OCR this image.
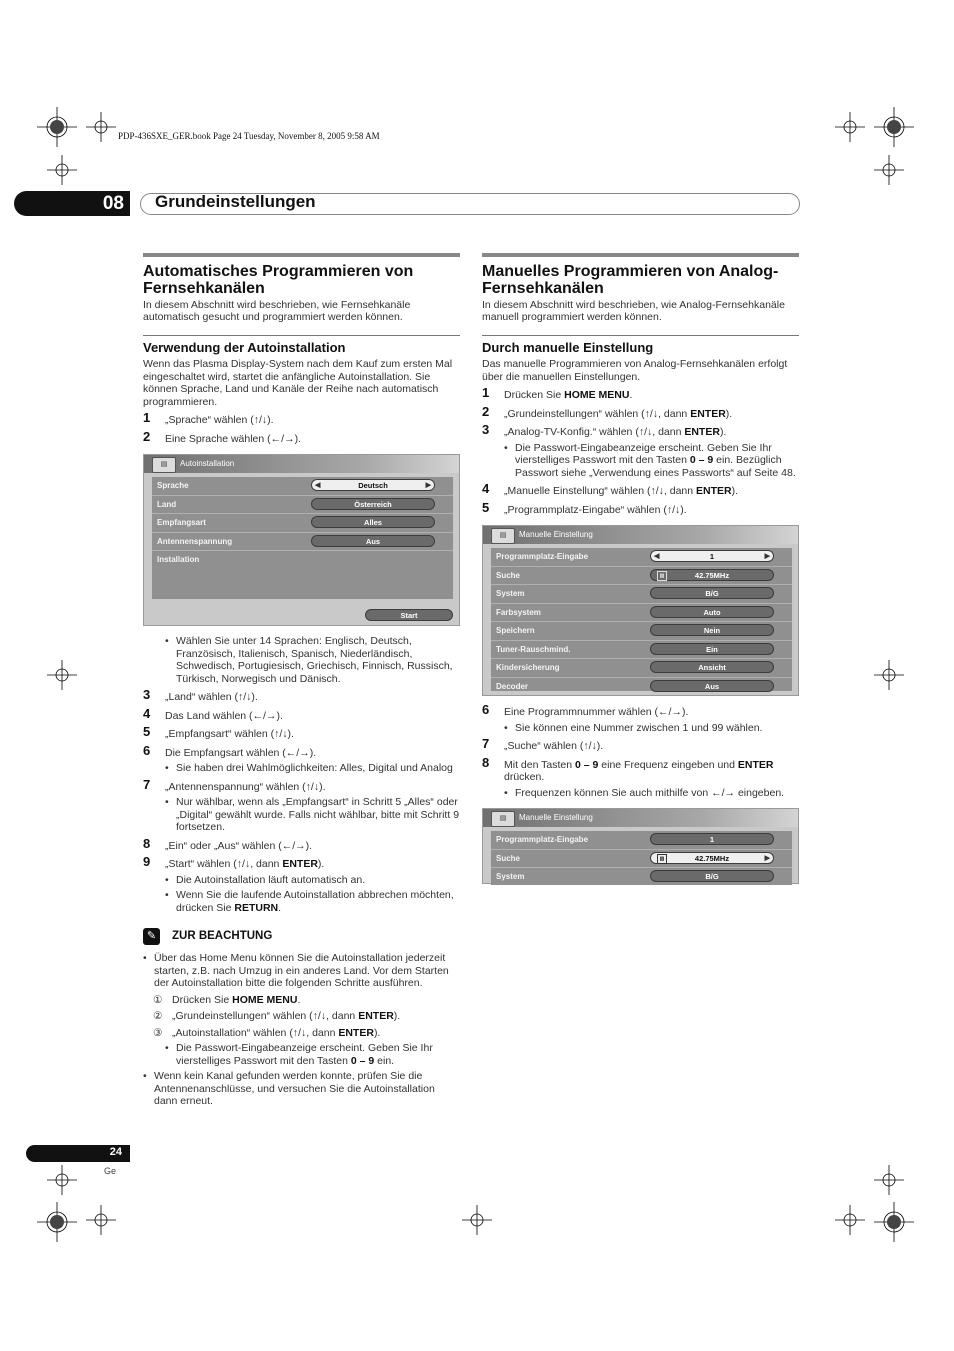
PDP-436SXE_GER.book Page 24 Tuesday, November 8, 2005 9:58 AM
08	Grundeinstellungen
Automatisches Programmieren von Fernsehkanälen
In diesem Abschnitt wird beschrieben, wie Fernsehkanäle automatisch gesucht und programmiert werden können.
Verwendung der Autoinstallation
Wenn das Plasma Display-System nach dem Kauf zum ersten Mal eingeschaltet wird, startet die anfängliche Autoinstallation. Sie können Sprache, Land und Kanäle der Reihe nach automatisch programmieren.
1 „Sprache“ wählen (↑/↓).
2 Eine Sprache wählen (←/→).
▤	Autoinstallation
Sprache	◀	Deutsch	▶
Land	Österreich
Empfangsart	Alles
Antennenspannung	Aus
Installation
Start
• Wählen Sie unter 14 Sprachen: Englisch, Deutsch, Französisch, Italienisch, Spanisch, Niederländisch, Schwedisch, Portugiesisch, Griechisch, Finnisch, Russisch, Türkisch, Norwegisch und Dänisch.
3 „Land“ wählen (↑/↓).
4 Das Land wählen (←/→).
5 „Empfangsart“ wählen (↑/↓).
6 Die Empfangsart wählen (←/→).
• Sie haben drei Wahlmöglichkeiten: Alles, Digital und Analog
7 „Antennenspannung“ wählen (↑/↓).
• Nur wählbar, wenn als „Empfangsart“ in Schritt 5 „Alles“ oder „Digital“ gewählt wurde. Falls nicht wählbar, bitte mit Schritt 9 fortsetzen.
8 „Ein“ oder „Aus“ wählen (←/→).
9 „Start“ wählen (↑/↓, dann ENTER).
• Die Autoinstallation läuft automatisch an.
• Wenn Sie die laufende Autoinstallation abbrechen möchten, drücken Sie RETURN.
✎	ZUR BEACHTUNG
• Über das Home Menu können Sie die Autoinstallation jederzeit starten, z.B. nach Umzug in ein anderes Land. Vor dem Starten der Autoinstallation bitte die folgenden Schritte ausführen.
① Drücken Sie HOME MENU.
② „Grundeinstellungen“ wählen (↑/↓, dann ENTER).
③ „Autoinstallation“ wählen (↑/↓, dann ENTER).
• Die Passwort-Eingabeanzeige erscheint. Geben Sie Ihr vierstelliges Passwort mit den Tasten 0 – 9 ein.
• Wenn kein Kanal gefunden werden konnte, prüfen Sie die Antennenanschlüsse, und versuchen Sie die Autoinstallation dann erneut.
Manuelles Programmieren von Analog-Fernsehkanälen
In diesem Abschnitt wird beschrieben, wie Analog-Fernsehkanäle manuell programmiert werden können.
Durch manuelle Einstellung
Das manuelle Programmieren von Analog-Fernsehkanälen erfolgt über die manuellen Einstellungen.
1 Drücken Sie HOME MENU.
2 „Grundeinstellungen“ wählen (↑/↓, dann ENTER).
3 „Analog-TV-Konfig.“ wählen (↑/↓, dann ENTER).
• Die Passwort-Eingabeanzeige erscheint. Geben Sie Ihr vierstelliges Passwort mit den Tasten 0 – 9 ein. Bezüglich Passwort siehe „Verwendung eines Passworts“ auf Seite 48.
4 „Manuelle Einstellung“ wählen (↑/↓, dann ENTER).
5 „Programmplatz-Eingabe“ wählen (↑/↓).
▤	Manuelle Einstellung
Programmplatz-Eingabe	◀	1	▶
Suche	▥	42.75MHz
System	B/G
Farbsystem	Auto
Speichern	Nein
Tuner-Rauschmind.	Ein
Kindersicherung	Ansicht
Decoder	Aus
6 Eine Programmnummer wählen (←/→).
• Sie können eine Nummer zwischen 1 und 99 wählen.
7 „Suche“ wählen (↑/↓).
8 Mit den Tasten 0 – 9 eine Frequenz eingeben und ENTER drücken.
• Frequenzen können Sie auch mithilfe von ←/→ eingeben.
▤	Manuelle Einstellung
Programmplatz-Eingabe	1
Suche	▥	42.75MHz	▶
System	B/G
24
Ge
